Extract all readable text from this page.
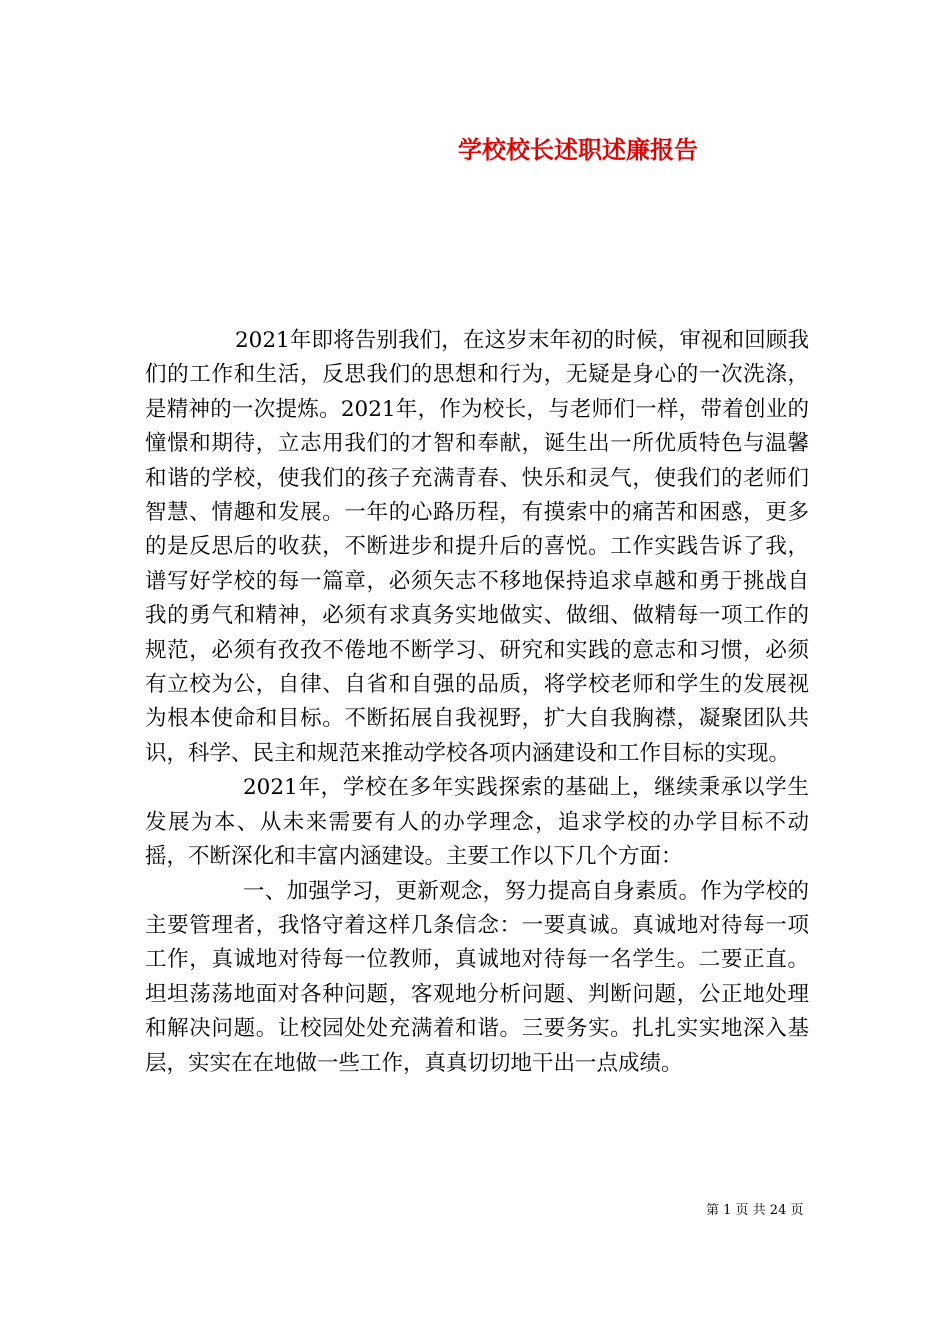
学校校长述职述廉报告

2021年即将告别我们，在这岁末年初的时候，审视和回顾我们的工作和生活，反思我们的思想和行为，无疑是身心的一次洗涤，是精神的一次提炼。2021年，作为校长，与老师们一样，带着创业的憧憬和期待，立志用我们的才智和奉献，诞生出一所优质特色与温馨和谐的学校，使我们的孩子充满青春、快乐和灵气，使我们的老师们智慧、情趣和发展。一年的心路历程，有摸索中的痛苦和困惑，更多的是反思后的收获，不断进步和提升后的喜悦。工作实践告诉了我，谱写好学校的每一篇章，必须矢志不移地保持追求卓越和勇于挑战自我的勇气和精神，必须有求真务实地做实、做细、做精每一项工作的规范，必须有孜孜不倦地不断学习、研究和实践的意志和习惯，必须有立校为公，自律、自省和自强的品质，将学校老师和学生的发展视为根本使命和目标。不断拓展自我视野，扩大自我胸襟，凝聚团队共识，科学、民主和规范来推动学校各项内涵建设和工作目标的实现。

2021年，学校在多年实践探索的基础上，继续秉承以学生发展为本、从未来需要有人的办学理念，追求学校的办学目标不动摇，不断深化和丰富内涵建设。主要工作以下几个方面：

一、加强学习，更新观念，努力提高自身素质。作为学校的主要管理者，我恪守着这样几条信念：一要真诚。真诚地对待每一项工作，真诚地对待每一位教师，真诚地对待每一名学生。二要正直。坦坦荡荡地面对各种问题，客观地分析问题、判断问题，公正地处理和解决问题。让校园处处充满着和谐。三要务实。扎扎实实地深入基层，实实在在地做一些工作，真真切切地干出一点成绩。

第 1 页 共 24 页
